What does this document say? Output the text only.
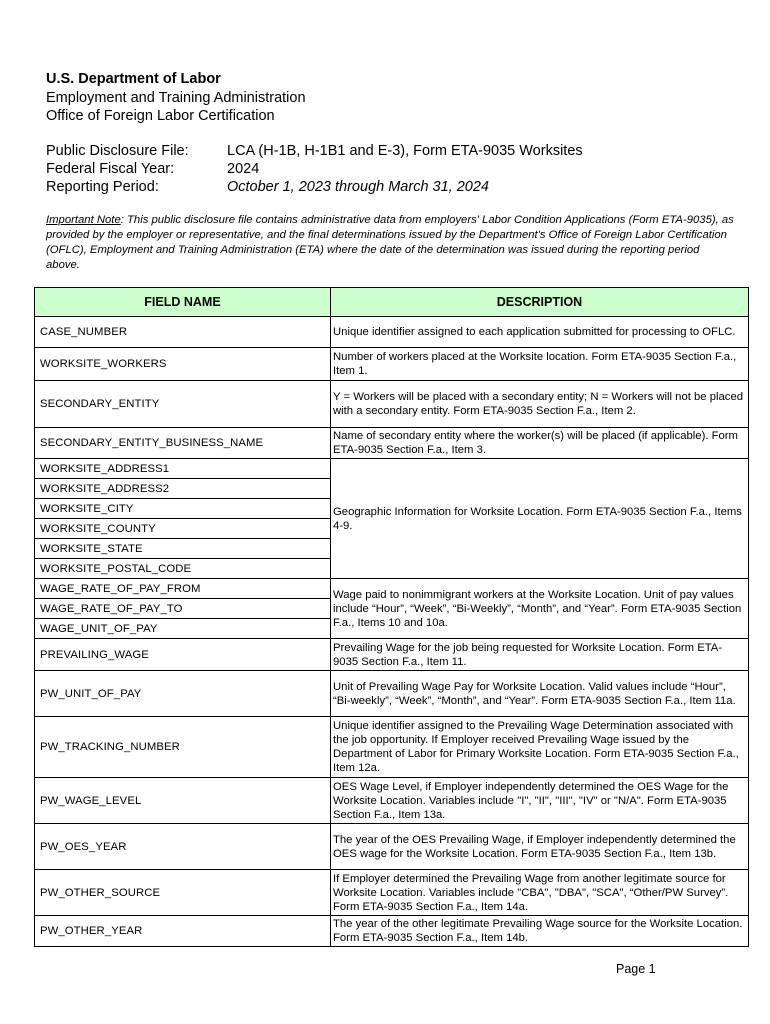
U.S. Department of Labor
Employment and Training Administration
Office of Foreign Labor Certification
Public Disclosure File:	LCA (H-1B, H-1B1 and E-3), Form ETA-9035 Worksites
Federal Fiscal Year:	2024
Reporting Period:	October 1, 2023 through March 31, 2024
Important Note: This public disclosure file contains administrative data from employers' Labor Condition Applications (Form ETA-9035), as provided by the employer or representative, and the final determinations issued by the Department's Office of Foreign Labor Certification (OFLC), Employment and Training Administration (ETA) where the date of the determination was issued during the reporting period above.
FIELD NAME	DESCRIPTION
CASE_NUMBER	Unique identifier assigned to each application submitted for processing to OFLC.
WORKSITE_WORKERS	Number of workers placed at the Worksite location. Form ETA-9035 Section F.a., Item 1.
SECONDARY_ENTITY	Y = Workers will be placed with a secondary entity; N = Workers will not be placed with a secondary entity. Form ETA-9035 Section F.a., Item 2.
SECONDARY_ENTITY_BUSINESS_NAME	Name of secondary entity where the worker(s) will be placed (if applicable). Form ETA-9035 Section F.a., Item 3.
WORKSITE_ADDRESS1	Geographic Information for Worksite Location. Form ETA-9035 Section F.a., Items 4-9.
WORKSITE_ADDRESS2	
WORKSITE_CITY	
WORKSITE_COUNTY	
WORKSITE_STATE	
WORKSITE_POSTAL_CODE	
WAGE_RATE_OF_PAY_FROM	Wage paid to nonimmigrant workers at the Worksite Location. Unit of pay values include “Hour”, “Week”, “Bi-Weekly”, “Month”, and “Year”. Form ETA-9035 Section F.a., Items 10 and 10a.
WAGE_RATE_OF_PAY_TO	
WAGE_UNIT_OF_PAY	
PREVAILING_WAGE	Prevailing Wage for the job being requested for Worksite Location. Form ETA-9035 Section F.a., Item 11.
PW_UNIT_OF_PAY	Unit of Prevailing Wage Pay for Worksite Location. Valid values include “Hour”, “Bi-weekly”, “Week”, “Month”, and “Year”. Form ETA-9035 Section F.a., Item 11a.
PW_TRACKING_NUMBER	Unique identifier assigned to the Prevailing Wage Determination associated with the job opportunity. If Employer received Prevailing Wage issued by the Department of Labor for Primary Worksite Location. Form ETA-9035 Section F.a., Item 12a.
PW_WAGE_LEVEL	OES Wage Level, if Employer independently determined the OES Wage for the Worksite Location. Variables include "I", "II", "III", "IV" or "N/A". Form ETA-9035 Section F.a., Item 13a.
PW_OES_YEAR	The year of the OES Prevailing Wage, if Employer independently determined the OES wage for the Worksite Location. Form ETA-9035 Section F.a., Item 13b.
PW_OTHER_SOURCE	If Employer determined the Prevailing Wage from another legitimate source for Worksite Location. Variables include "CBA", "DBA", "SCA", “Other/PW Survey”. Form ETA-9035 Section F.a., Item 14a.
PW_OTHER_YEAR	The year of the other legitimate Prevailing Wage source for the Worksite Location. Form ETA-9035 Section F.a., Item 14b.
Page 1
